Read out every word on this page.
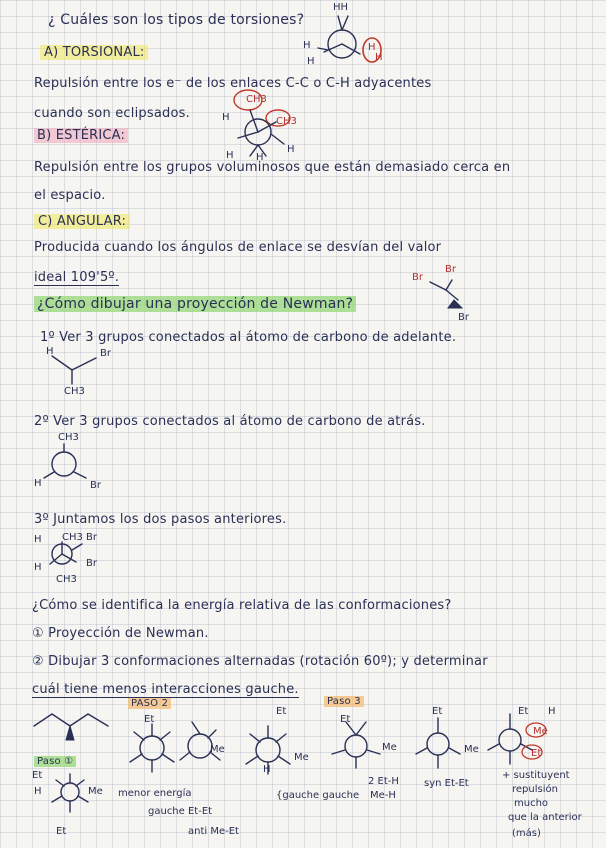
¿ Cuáles son los tipos de torsiones?
HH
H
H
H
H
A) TORSIONAL:
Repulsión entre los e⁻ de los enlaces C-C o C-H adyacentes
cuando son eclipsados.
CH3
CH3
H
H H
H
B) ESTÉRICA:
Repulsión entre los grupos voluminosos que están demasiado cerca en
el espacio.
C) ANGULAR:
Producida cuando los ángulos de enlace se desvían del valor
ideal 109'5º.	Br
Br
Br
¿Cómo dibujar una proyección de Newman?
1º Ver 3 grupos conectados al átomo de carbono de adelante.
H	Br
CH3
2º Ver 3 grupos conectados al átomo de carbono de atrás.
CH3
H	Br
3º Juntamos los dos pasos anteriores.
H CH3 Br
H	Br
CH3
¿Cómo se identifica la energía relativa de las conformaciones?
① Proyección de Newman.
② Dibujar 3 conformaciones alternadas (rotación 60º); y determinar
cuál tiene menos interacciones gauche.
PASO 2	Paso 3
Paso ①
Et
H	Me
Et
Et
Me
Et
Me
H
Et
Me
Et
Me
Et H
Me
Et
menor energía
gauche Et-Et
anti Me-Et
{gauche gauche
2 Et-H
Me-H
syn Et-Et
+ sustituyent
repulsión
mucho
que la anterior
(más)
